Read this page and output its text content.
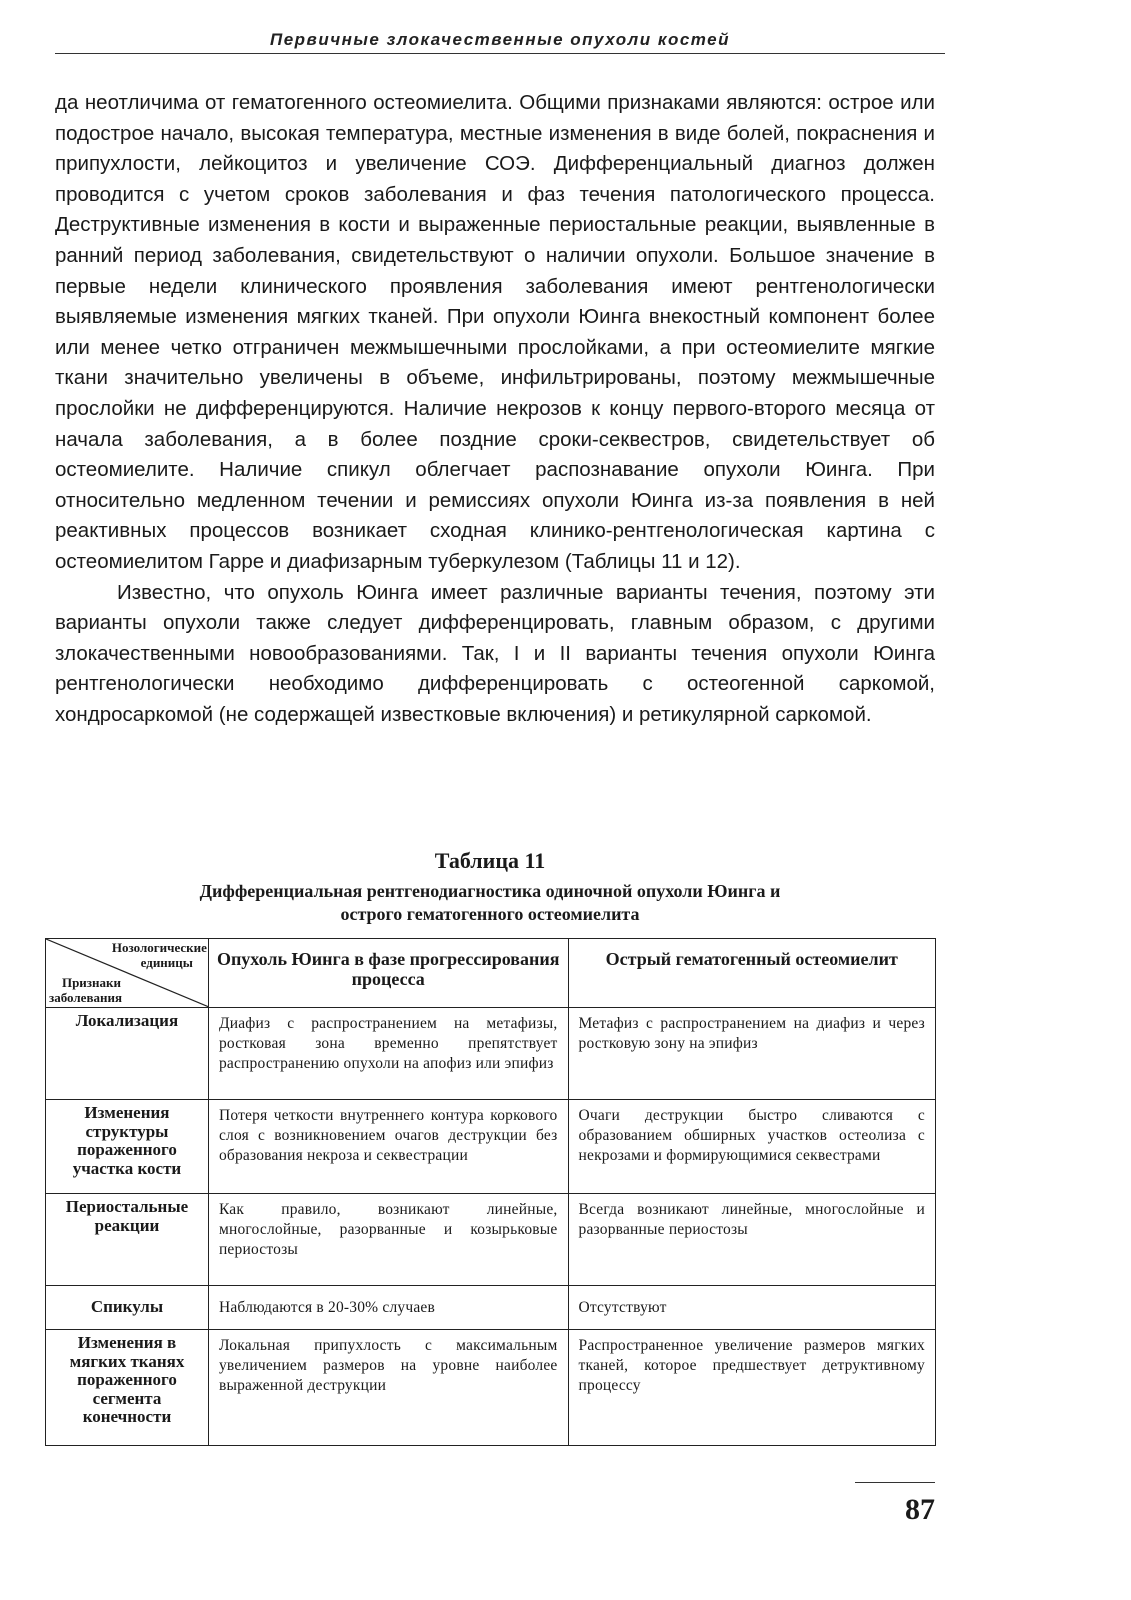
Первичные злокачественные опухоли костей

да неотличима от гематогенного остеомиелита. Общими признаками являются: острое или подострое начало, высокая температура, местные изменения в виде болей, покраснения и припухлости, лейкоцитоз и увеличение СОЭ. Дифференциальный диагноз должен проводится с учетом сроков заболевания и фаз течения патологического процесса. Деструктивные изменения в кости и выраженные периостальные реакции, выявленные в ранний период заболевания, свидетельствуют о наличии опухоли. Большое значение в первые недели клинического проявления заболевания имеют рентгенологически выявляемые изменения мягких тканей. При опухоли Юинга внекостный компонент более или менее четко отграничен межмышечными прослойками, а при остеомиелите мягкие ткани значительно увеличены в объеме, инфильтрированы, поэтому межмышечные прослойки не дифференцируются. Наличие некрозов к концу первого-второго месяца от начала заболевания, а в более поздние сроки-секвестров, свидетельствует об остеомиелите. Наличие спикул облегчает распознавание опухоли Юинга. При относительно медленном течении и ремиссиях опухоли Юинга из-за появления в ней реактивных процессов возникает сходная клинико-рентгенологическая картина с остеомиелитом Гарре и диафизарным туберкулезом (Таблицы 11 и 12).

Известно, что опухоль Юинга имеет различные варианты течения, поэтому эти варианты опухоли также следует дифференцировать, главным образом, с другими злокачественными новообразованиями. Так, I и II варианты течения опухоли Юинга рентгенологически необходимо дифференцировать с остеогенной саркомой, хондросаркомой (не содержащей известковые включения) и ретикулярной саркомой.

Таблица 11
Дифференциальная рентгенодиагностика одиночной опухоли Юинга и
острого гематогенного остеомиелита
Нозологические
единицы
Признаки
заболевания	Опухоль Юинга в фазе прогрессирования процесса	Острый гематогенный остеомиелит
Локализация	Диафиз с распространением на метафизы, ростковая зона временно препятствует распространению опухоли на апофиз или эпифиз	Метафиз с распространением на диафиз и через ростковую зону на эпифиз
Изменения структуры пораженного участка кости	Потеря четкости внутреннего контура коркового слоя с возникновением очагов деструкции без образования некроза и секвестрации	Очаги деструкции быстро сливаются с образованием обширных участков остеолиза с некрозами и формирующимися секвестрами
Периостальные реакции	Как правило, возникают линейные, многослойные, разорванные и козырьковые периостозы	Всегда возникают линейные, многослойные и разорванные периостозы
Спикулы	Наблюдаются в 20-30% случаев	Отсутствуют
Изменения в мягких тканях пораженного сегмента конечности	Локальная припухлость с максимальным увеличением размеров на уровне наиболее выраженной деструкции	Распространенное увеличение размеров мягких тканей, которое предшествует детруктивному процессу
87
